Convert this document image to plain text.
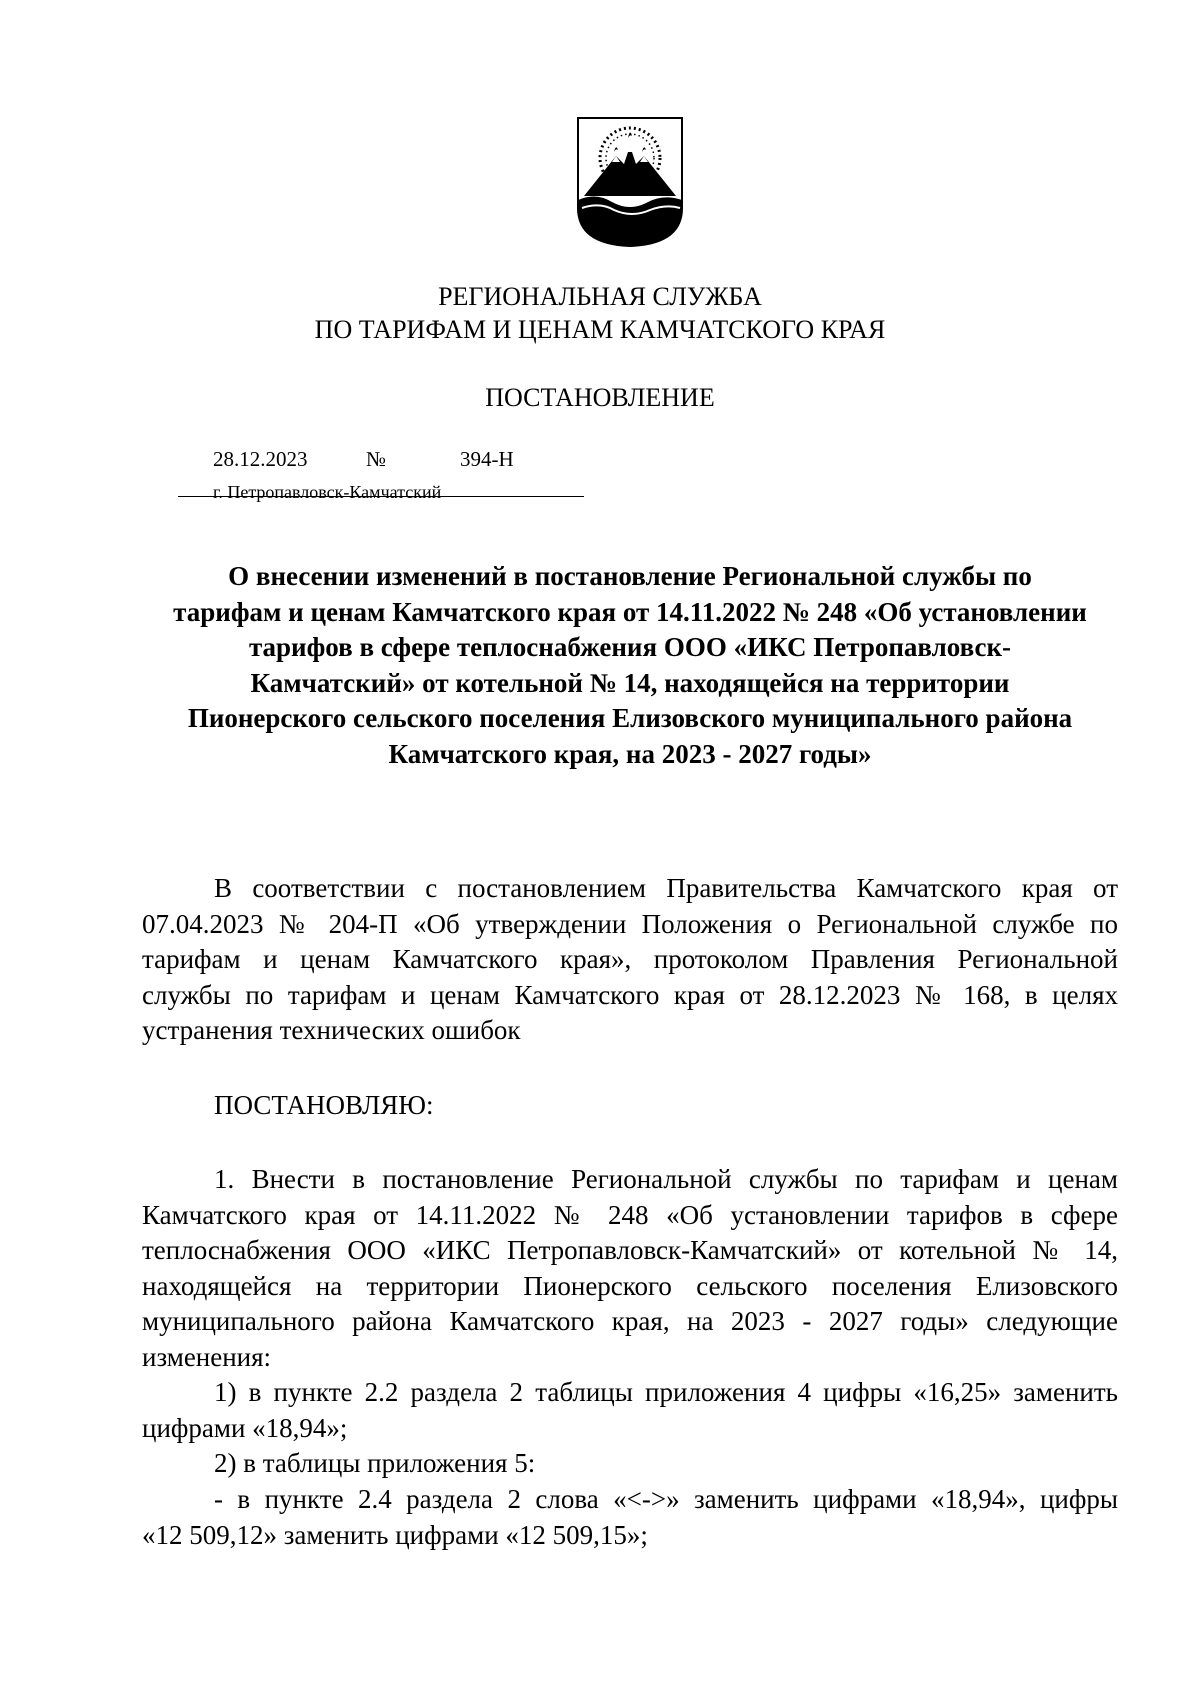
РЕГИОНАЛЬНАЯ СЛУЖБА
ПО ТАРИФАМ И ЦЕНАМ КАМЧАТСКОГО КРАЯ
ПОСТАНОВЛЕНИЕ
28.12.2023	№	394-Н
г. Петропавловск-Камчатский
О внесении изменений в постановление Региональной службы по
тарифам и ценам Камчатского края от 14.11.2022 № 248 «Об установлении
тарифов в сфере теплоснабжения ООО «ИКС Петропавловск-
Камчатский» от котельной № 14, находящейся на территории
Пионерского сельского поселения Елизовского муниципального района
Камчатского края, на 2023 - 2027 годы»
В соответствии с постановлением Правительства Камчатского края от
07.04.2023 № 204-П «Об утверждении Положения о Региональной службе по
тарифам и ценам Камчатского края», протоколом Правления Региональной
службы по тарифам и ценам Камчатского края от 28.12.2023 № 168, в целях
устранения технических ошибок
ПОСТАНОВЛЯЮ:
1. Внести в постановление Региональной службы по тарифам и ценам
Камчатского края от 14.11.2022 № 248 «Об установлении тарифов в сфере
теплоснабжения ООО «ИКС Петропавловск-Камчатский» от котельной № 14,
находящейся на территории Пионерского сельского поселения Елизовского
муниципального района Камчатского края, на 2023 - 2027 годы» следующие
изменения:
1) в пункте 2.2 раздела 2 таблицы приложения 4 цифры «16,25» заменить
цифрами «18,94»;
2) в таблицы приложения 5:
- в пункте 2.4 раздела 2 слова «<->» заменить цифрами «18,94», цифры
«12 509,12» заменить цифрами «12 509,15»;
